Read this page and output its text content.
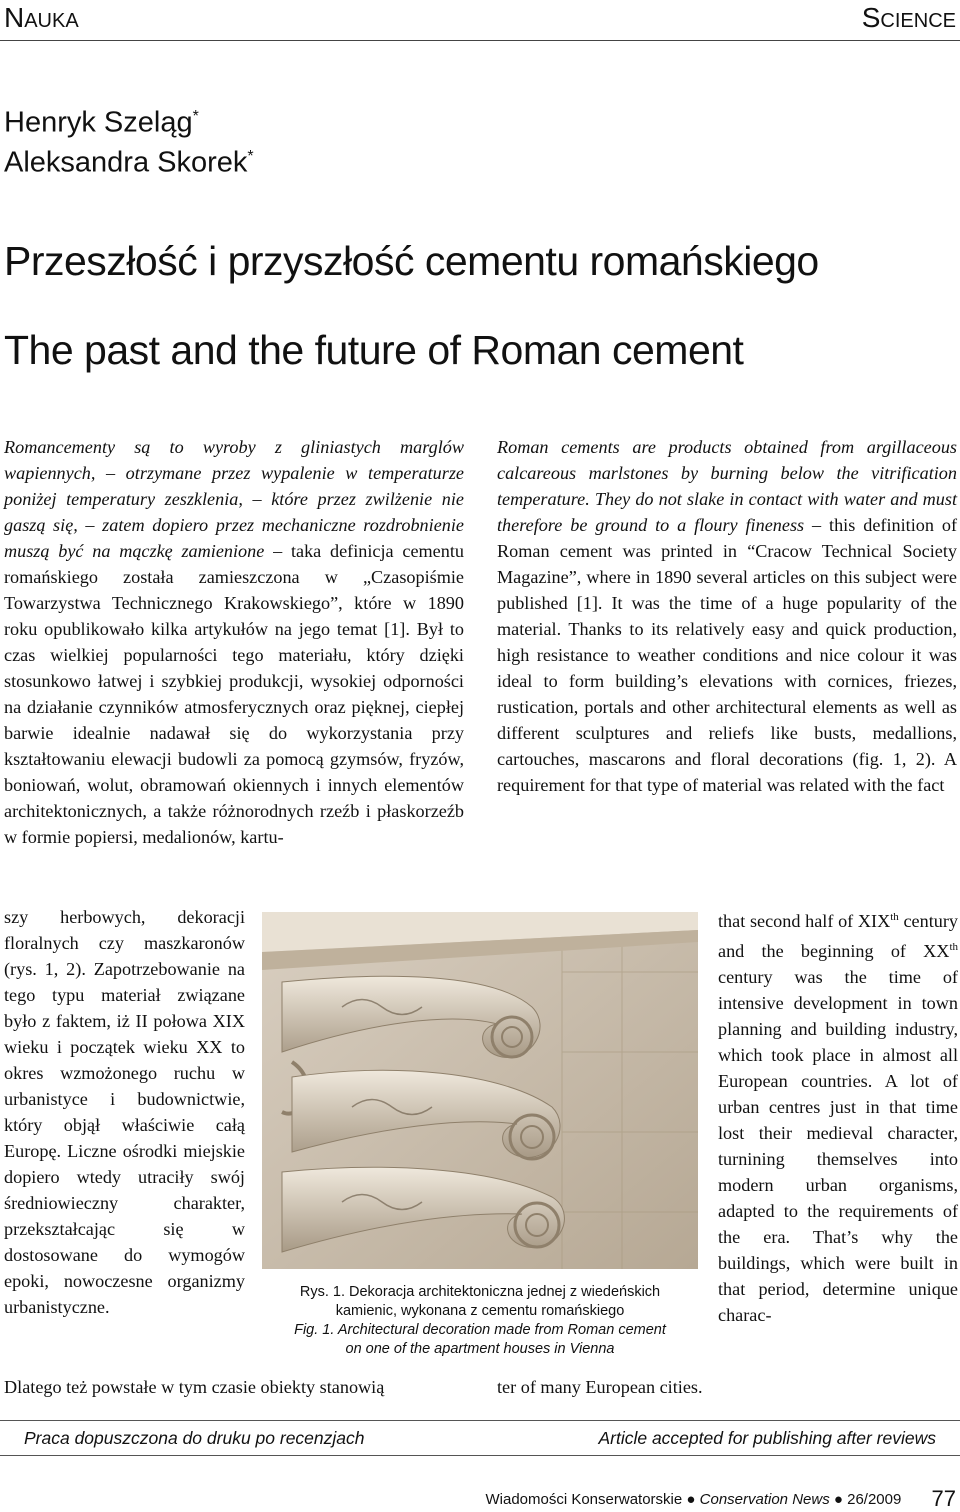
Nauka	Science
Henryk Szeląg*
Aleksandra Skorek*
Przeszłość i przyszłość cementu romańskiego
The past and the future of Roman cement

Romancementy są to wyroby z gliniastych marglów wapiennych, – otrzymane przez wypalenie w temperaturze poniżej temperatury zeszklenia, – które przez zwilżenie nie gaszą się, – zatem dopiero przez mechaniczne rozdrobnienie muszą być na mączkę zamienione – taka definicja cementu romańskiego została zamieszczona w „Czasopiśmie Towarzystwa Technicznego Krakowskiego”, które w 1890 roku opublikowało kilka artykułów na jego temat [1]. Był to czas wielkiej popularności tego materiału, który dzięki stosunkowo łatwej i szybkiej produkcji, wysokiej odporności na działanie czynników atmosferycznych oraz pięknej, ciepłej barwie idealnie nadawał się do wykorzystania przy kształtowaniu elewacji budowli za pomocą gzymsów, fryzów, boniowań, wolut, obramowań okiennych i innych elementów architektonicznych, a także różnorodnych rzeźb i płaskorzeźb w formie popiersi, medalionów, kartu-

szy herbowych, dekoracji floralnych czy maszkaronów (rys. 1, 2). Zapotrzebowanie na tego typu materiał związane było z faktem, iż II połowa XIX wieku i początek wieku XX to okres wzmożonego ruchu w urbanistyce i budownictwie, który objął właściwie całą Europę. Liczne ośrodki miejskie dopiero wtedy utraciły swój średniowieczny charakter, przekształcając się w dostosowane do wymogów epoki, nowoczesne organizmy urbanistyczne.

Dlatego też powstałe w tym czasie obiekty stanowią

Roman cements are products obtained from argillaceous calcareous marlstones by burning below the vitrification temperature. They do not slake in contact with water and must therefore be ground to a floury fineness – this definition of Roman cement was printed in “Cracow Technical Society Magazine”, where in 1890 several articles on this subject were published [1]. It was the time of a huge popularity of the material. Thanks to its relatively easy and quick production, high resistance to weather conditions and nice colour it was ideal to form building’s elevations with cornices, friezes, rustication, portals and other architectural elements as well as different sculptures and reliefs like busts, medallions, cartouches, mascarons and floral decorations (fig. 1, 2). A requirement for that type of material was related with the fact

that second half of XIXth century and the beginning of XXth century was the time of intensive development in town planning and building industry, which took place in almost all European countries. A lot of urban centres just in that time lost their medieval character, turnining themselves into modern urban organisms, adapted to the requirements of the era. That’s why the buildings, which were built in that period, determine unique charac-

ter of many European cities.
Rys. 1. Dekoracja architektoniczna jednej z wiedeńskich
kamienic, wykonana z cementu romańskiego
Fig. 1. Architectural decoration made from Roman cement
on one of the apartment houses in Vienna
Praca dopuszczona do druku po recenzjach	Article accepted for publishing after reviews
Wiadomości Konserwatorskie ● Conservation News ● 26/2009 77
